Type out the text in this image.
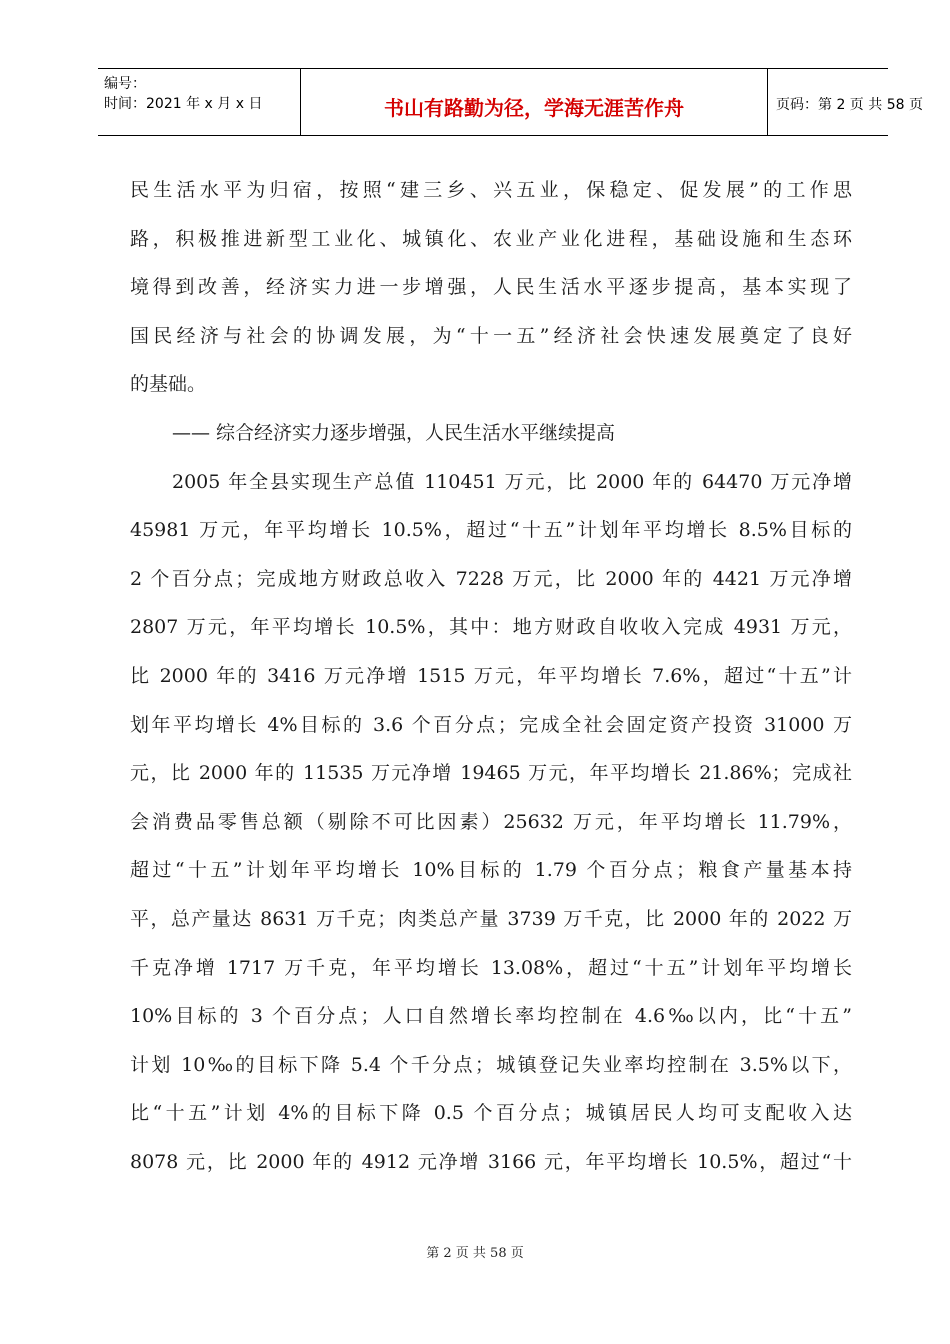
编号：
时间：2021 年 x 月 x 日	书山有路勤为径，学海无涯苦作舟	页码：第 2 页 共 58 页
民生活水平为归宿，按照“建三乡、兴五业，保稳定、促发展”的工作思
路，积极推进新型工业化、城镇化、农业产业化进程，基础设施和生态环
境得到改善，经济实力进一步增强，人民生活水平逐步提高，基本实现了
国民经济与社会的协调发展，为“十一五”经济社会快速发展奠定了良好
的基础。
—— 综合经济实力逐步增强，人民生活水平继续提高
2005 年全县实现生产总值 110451 万元，比 2000 年的 64470 万元净增
45981 万元，年平均增长 10.5%，超过“十五”计划年平均增长 8.5%目标的
2 个百分点；完成地方财政总收入 7228 万元，比 2000 年的 4421 万元净增
2807 万元，年平均增长 10.5%，其中：地方财政自收收入完成 4931 万元，
比 2000 年的 3416 万元净增 1515 万元，年平均增长 7.6%，超过“十五”计
划年平均增长 4%目标的 3.6 个百分点；完成全社会固定资产投资 31000 万
元，比 2000 年的 11535 万元净增 19465 万元，年平均增长 21.86%；完成社
会消费品零售总额（剔除不可比因素）25632 万元，年平均增长 11.79%，
超过“十五”计划年平均增长 10%目标的 1.79 个百分点；粮食产量基本持
平，总产量达 8631 万千克；肉类总产量 3739 万千克，比 2000 年的 2022 万
千克净增 1717 万千克，年平均增长 13.08%，超过“十五”计划年平均增长
10%目标的 3 个百分点；人口自然增长率均控制在 4.6‰以内，比“十五”
计划 10‰的目标下降 5.4 个千分点；城镇登记失业率均控制在 3.5%以下，
比“十五”计划 4%的目标下降 0.5 个百分点；城镇居民人均可支配收入达
8078 元，比 2000 年的 4912 元净增 3166 元，年平均增长 10.5%，超过“十
第 2 页 共 58 页
